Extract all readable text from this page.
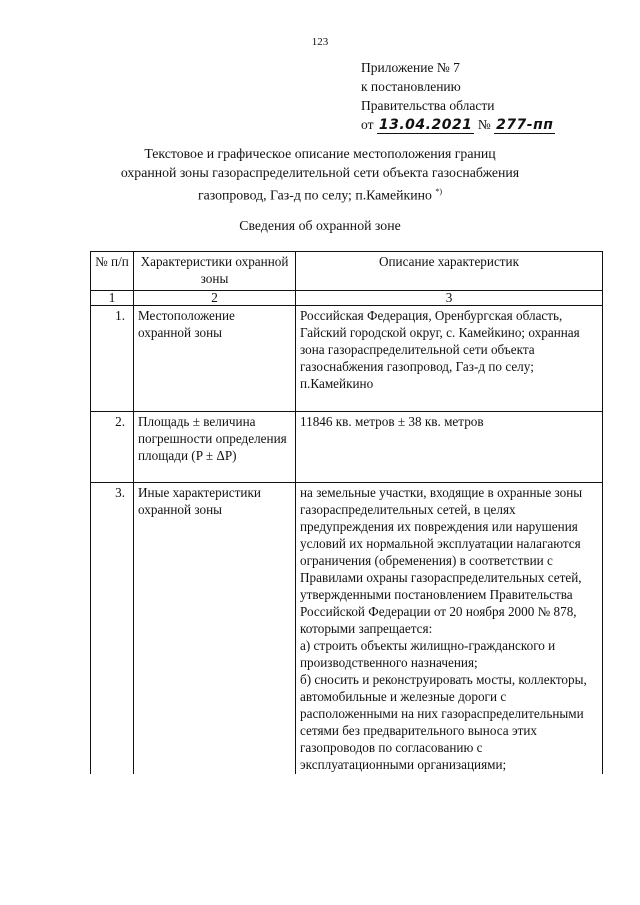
123
Приложение № 7
к постановлению
Правительства области
от 13.04.2021 № 277-пп
Текстовое и графическое описание местоположения границ
охранной зоны газораспределительной сети объекта газоснабжения
газопровод, Газ-д по селу; п.Камейкино *)
Сведения об охранной зоне
№ п/п	Характеристики охранной зоны	Описание характеристик
1	2	3
1.	Местоположение охранной зоны	Российская Федерация, Оренбургская область, Гайский городской округ, с. Камейкино; охранная зона газораспределительной сети объекта газоснабжения газопровод, Газ-д по селу; п.Камейкино
2.	Площадь ± величина погрешности определения площади (P ± ΔP)	11846 кв. метров ± 38 кв. метров
3.	Иные характеристики охранной зоны	на земельные участки, входящие в охранные зоны газораспределительных сетей, в целях предупреждения их повреждения или нарушения условий их нормальной эксплуатации налагаются ограничения (обременения) в соответствии с Правилами охраны газораспределительных сетей, утвержденными постановлением Правительства Российской Федерации от 20 ноября 2000 № 878, которыми запрещается:
а) строить объекты жилищно-гражданского и производственного назначения;
б) сносить и реконструировать мосты, коллекторы, автомобильные и железные дороги с расположенными на них газораспределительными сетями без предварительного выноса этих газопроводов по согласованию с эксплуатационными организациями;
